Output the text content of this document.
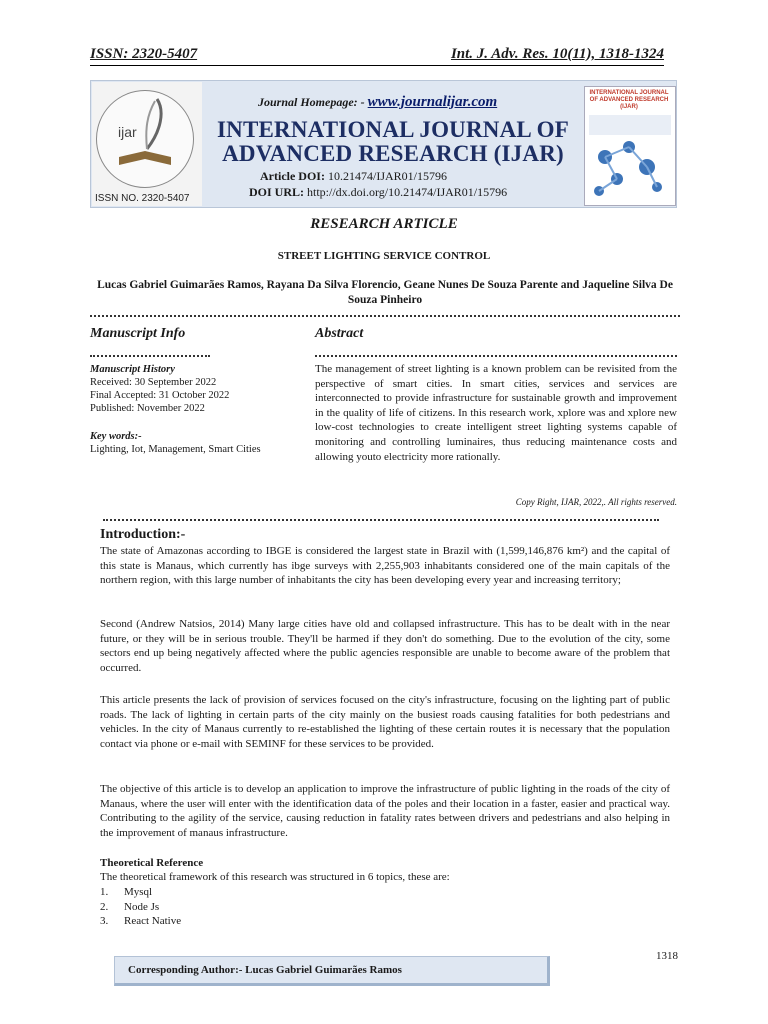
ISSN: 2320-5407	Int. J. Adv. Res. 10(11), 1318-1324
ijar
ISSN NO. 2320-5407
Journal Homepage: - www.journalijar.com
INTERNATIONAL JOURNAL OF ADVANCED RESEARCH (IJAR)
Article DOI: 10.21474/IJAR01/15796
DOI URL: http://dx.doi.org/10.21474/IJAR01/15796
INTERNATIONAL JOURNAL OF ADVANCED RESEARCH (IJAR)
RESEARCH ARTICLE
STREET LIGHTING SERVICE CONTROL
Lucas Gabriel Guimarães Ramos, Rayana Da Silva Florencio, Geane Nunes De Souza Parente and Jaqueline Silva De Souza Pinheiro
Manuscript Info	Abstract
Manuscript History
Received: 30 September 2022
Final Accepted: 31 October 2022
Published: November 2022
Key words:-
Lighting, Iot, Management, Smart Cities
The management of street lighting is a known problem can be revisited from the perspective of smart cities. In smart cities, services and services are interconnected to provide infrastructure for sustainable growth and improvement in the quality of life of citizens. In this research work, xplore was and xplore new low-cost technologies to create intelligent street lighting systems capable of monitoring and controlling luminaires, thus reducing maintenance costs and allowing youto electricity more rationally.
Copy Right, IJAR, 2022,. All rights reserved.
Introduction:-
The state of Amazonas according to IBGE is considered the largest state in Brazil with (1,599,146,876 km²) and the capital of this state is Manaus, which currently has ibge surveys with 2,255,903 inhabitants considered one of the main capitals of the northern region, with this large number of inhabitants the city has been developing every year and increasing territory;
Second (Andrew Natsios, 2014) Many large cities have old and collapsed infrastructure. This has to be dealt with in the near future, or they will be in serious trouble. They'll be harmed if they don't do something. Due to the evolution of the city, some sectors end up being negatively affected where the public agencies responsible are unable to become aware of the problem that occurred.
This article presents the lack of provision of services focused on the city's infrastructure, focusing on the lighting part of public roads. The lack of lighting in certain parts of the city mainly on the busiest roads causing fatalities for both pedestrians and vehicles. In the city of Manaus currently to re-established the lighting of these certain routes it is necessary that the population contact via phone or e-mail with SEMINF for these services to be provided.
The objective of this article is to develop an application to improve the infrastructure of public lighting in the roads of the city of Manaus, where the user will enter with the identification data of the poles and their location in a faster, easier and practical way. Contributing to the agility of the service, causing reduction in fatality rates between drivers and pedestrians and also helping in the improvement of manaus infrastructure.
Theoretical Reference
The theoretical framework of this research was structured in 6 topics, these are:
1. Mysql
2. Node Js
3. React Native
1318
Corresponding Author:- Lucas Gabriel Guimarães Ramos
